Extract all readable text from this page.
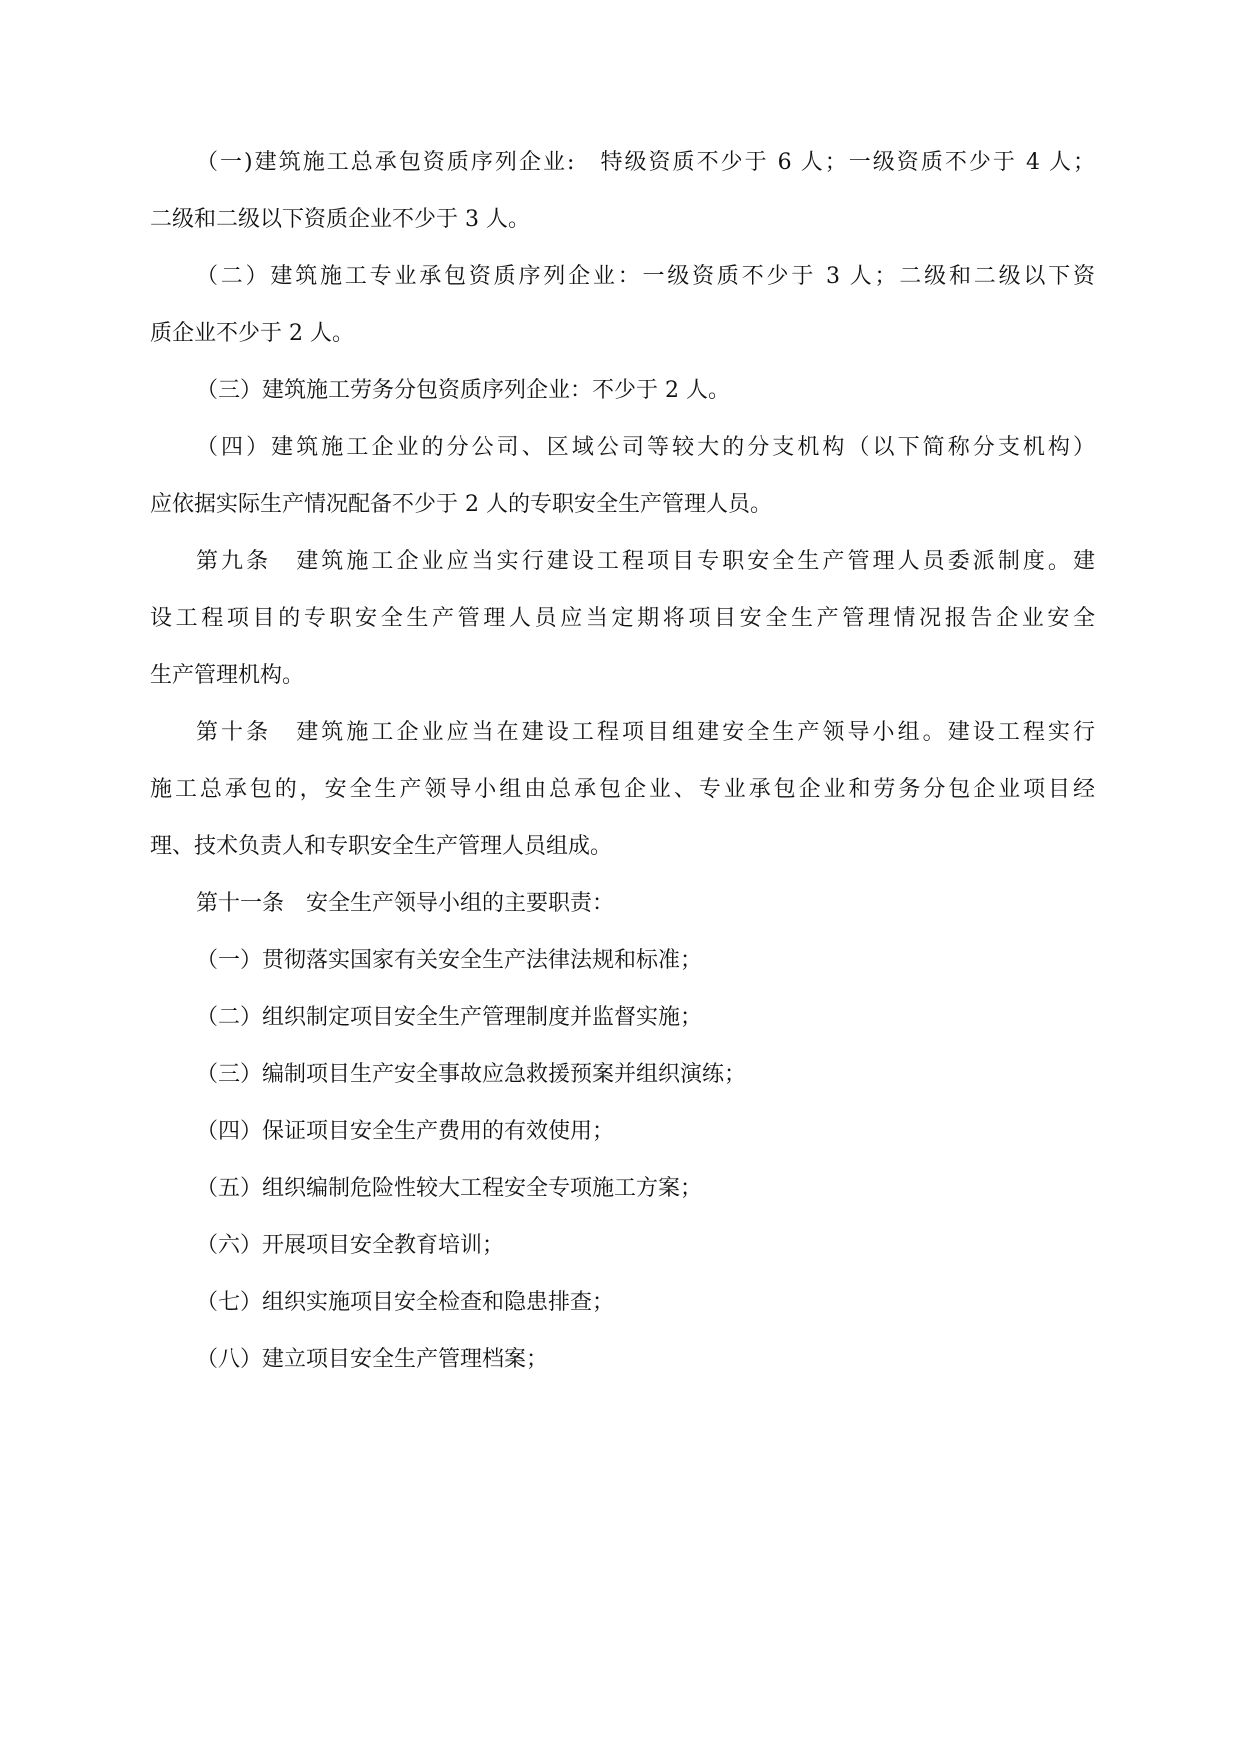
（一)建筑施工总承包资质序列企业:　特级资质不少于 6 人；一级资质不少于 4 人；
二级和二级以下资质企业不少于 3 人。
（二）建筑施工专业承包资质序列企业：一级资质不少于 3 人；二级和二级以下资
质企业不少于 2 人。
（三）建筑施工劳务分包资质序列企业：不少于 2 人。
（四）建筑施工企业的分公司、区域公司等较大的分支机构（以下简称分支机构）
应依据实际生产情况配备不少于 2 人的专职安全生产管理人员。
第九条　建筑施工企业应当实行建设工程项目专职安全生产管理人员委派制度。建
设工程项目的专职安全生产管理人员应当定期将项目安全生产管理情况报告企业安全
生产管理机构。
第十条　建筑施工企业应当在建设工程项目组建安全生产领导小组。建设工程实行
施工总承包的，安全生产领导小组由总承包企业、专业承包企业和劳务分包企业项目经
理、技术负责人和专职安全生产管理人员组成。
第十一条　安全生产领导小组的主要职责：
（一）贯彻落实国家有关安全生产法律法规和标准；
（二）组织制定项目安全生产管理制度并监督实施；
（三）编制项目生产安全事故应急救援预案并组织演练；
（四）保证项目安全生产费用的有效使用；
（五）组织编制危险性较大工程安全专项施工方案；
（六）开展项目安全教育培训；
（七）组织实施项目安全检查和隐患排查；
（八）建立项目安全生产管理档案；
